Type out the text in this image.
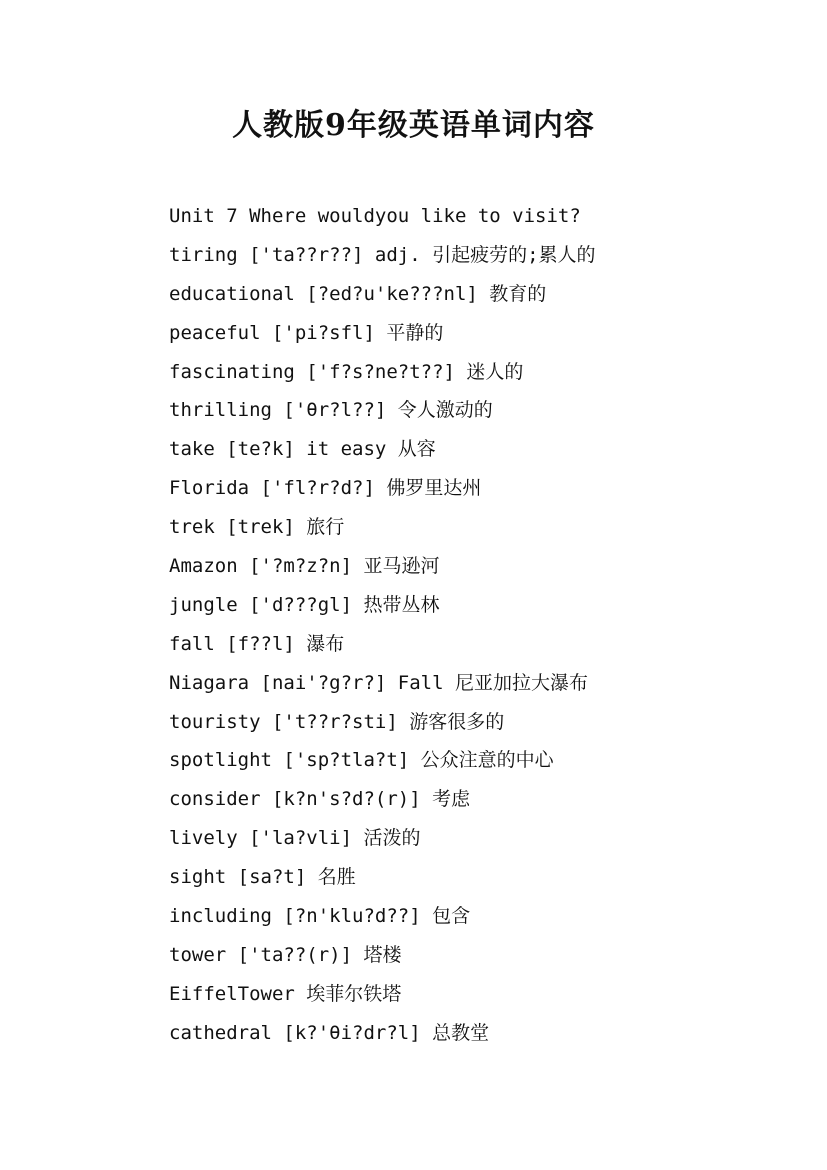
人教版9年级英语单词内容
Unit 7 Where wouldyou like to visit?
tiring ['ta??r??] adj. 引起疲劳的;累人的
educational [?ed?u'ke???nl] 教育的
peaceful ['pi?sfl] 平静的
fascinating ['f?s?ne?t??] 迷人的
thrilling ['θr?l??] 令人激动的
take [te?k] it easy 从容
Florida ['fl?r?d?] 佛罗里达州
trek [trek] 旅行
Amazon ['?m?z?n] 亚马逊河
jungle ['d???gl] 热带丛林
fall [f??l] 瀑布
Niagara [nai'?g?r?] Fall 尼亚加拉大瀑布
touristy ['t??r?sti] 游客很多的
spotlight ['sp?tla?t] 公众注意的中心
consider [k?n's?d?(r)] 考虑
lively ['la?vli] 活泼的
sight [sa?t] 名胜
including [?n'klu?d??] 包含
tower ['ta??(r)] 塔楼
EiffelTower 埃菲尔铁塔
cathedral [k?'θi?dr?l] 总教堂
